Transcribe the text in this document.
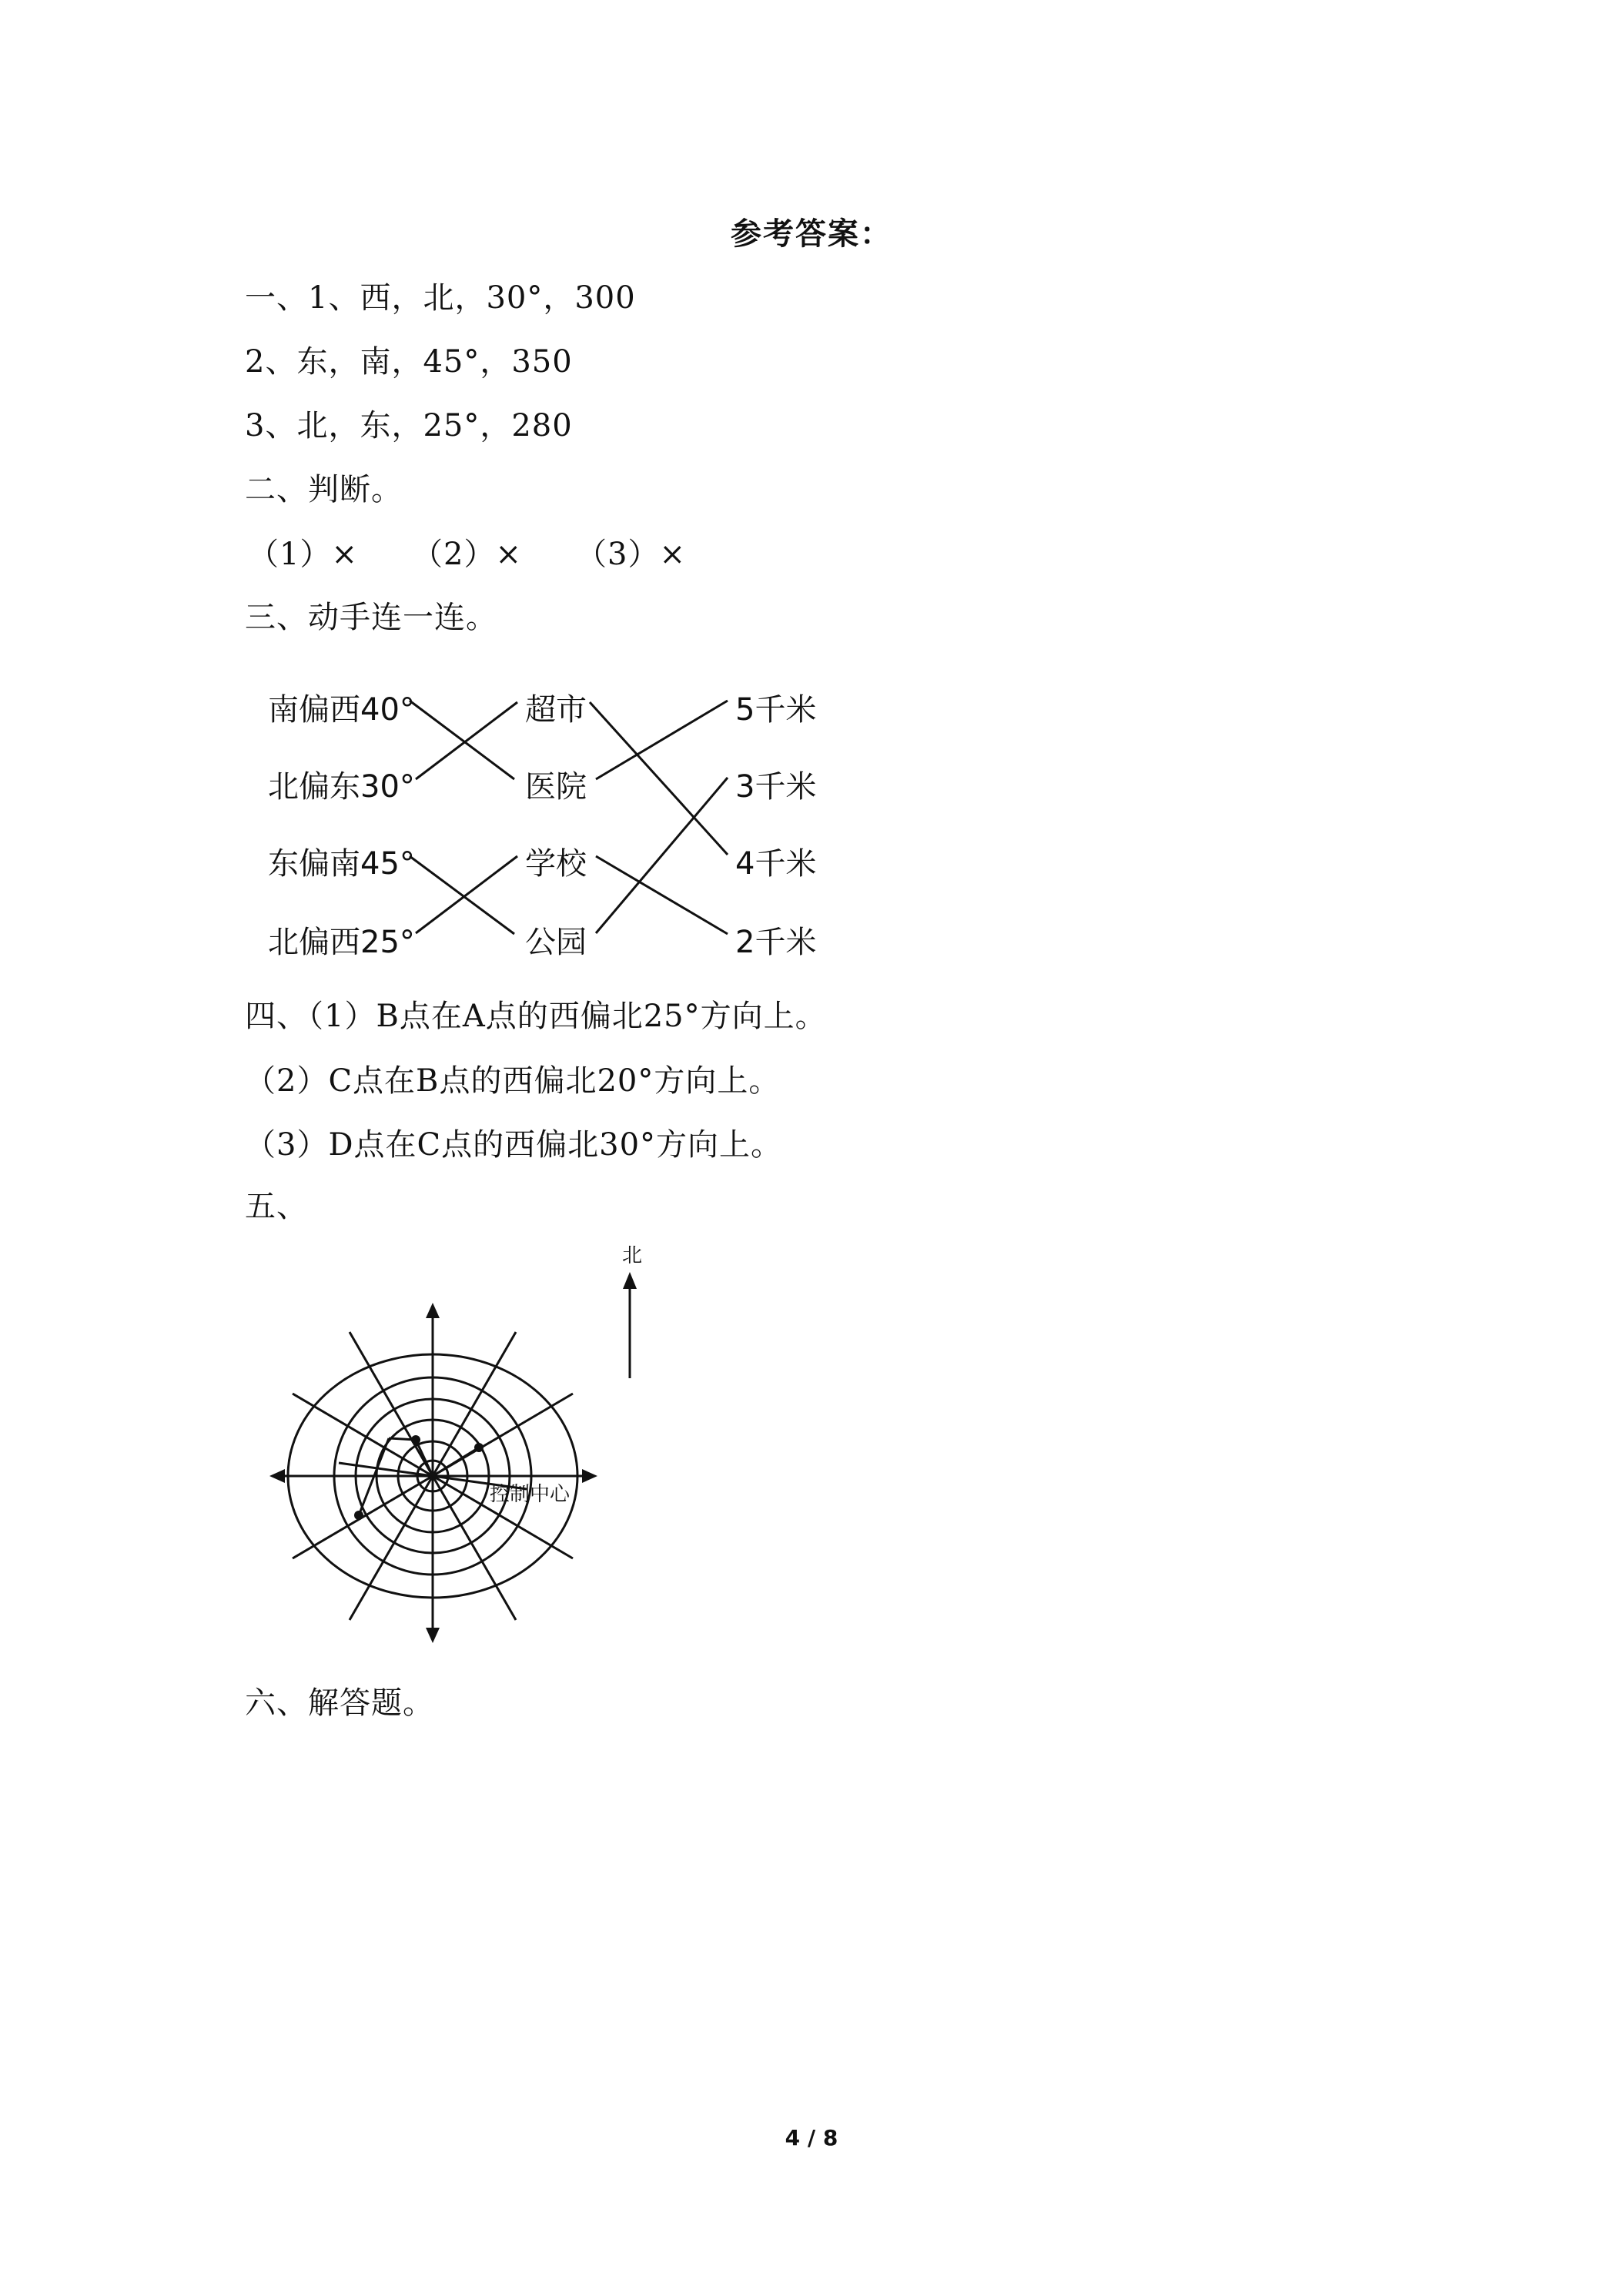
参考答案：
一、1、西，北，30°，300
2、东，南，45°，350
3、北，东，25°，280
二、判断。
（1）× （2）× （3）×
三、动手连一连。
南偏西40°
北偏东30°
东偏南45°
北偏西25°
超市
医院
学校
公园
5千米
3千米
4千米
2千米
北
控制中心
五、
四、（1）B点在A点的西偏北25°方向上。
（2）C点在B点的西偏北20°方向上。
（3）D点在C点的西偏北30°方向上。
六、解答题。
4 / 8
